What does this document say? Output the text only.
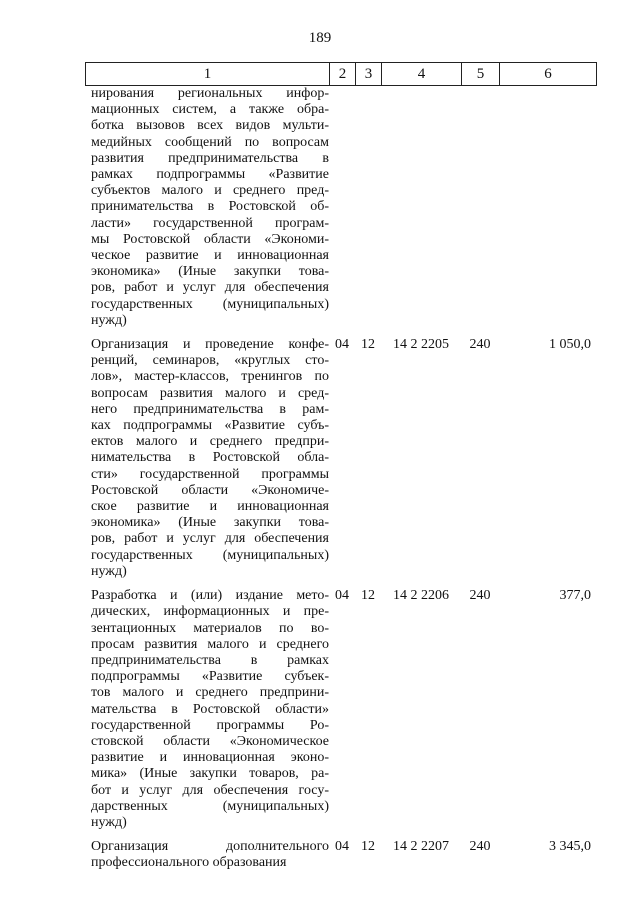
189
1	2	3	4	5	6
нирования региональных инфор-
мационных систем, а также обра-
ботка вызовов всех видов мульти-
медийных сообщений по вопросам
развития предпринимательства в
рамках подпрограммы «Развитие
субъектов малого и среднего пред-
принимательства в Ростовской об-
ласти» государственной програм-
мы Ростовской области «Экономи-
ческое развитие и инновационная
экономика» (Иные закупки това-
ров, работ и услуг для обеспечения
государственных (муниципальных)
нужд)
Организация и проведение конфе-
ренций, семинаров, «круглых сто-
лов», мастер-классов, тренингов по
вопросам развития малого и сред-
него предпринимательства в рам-
ках подпрограммы «Развитие субъ-
ектов малого и среднего предпри-
нимательства в Ростовской обла-
сти» государственной программы
Ростовской области «Экономиче-
ское развитие и инновационная
экономика» (Иные закупки това-
ров, работ и услуг для обеспечения
государственных (муниципальных)
нужд)
04 12	14 2 2205	240	1 050,0
Разработка и (или) издание мето-
дических, информационных и пре-
зентационных материалов по во-
просам развития малого и среднего
предпринимательства в рамках
подпрограммы «Развитие субъек-
тов малого и среднего предприни-
мательства в Ростовской области»
государственной программы Ро-
стовской области «Экономическое
развитие и инновационная эконо-
мика» (Иные закупки товаров, ра-
бот и услуг для обеспечения госу-
дарственных (муниципальных)
нужд)
04 12	14 2 2206	240	377,0
Организация дополнительного
профессионального образования
04 12	14 2 2207	240	3 345,0
